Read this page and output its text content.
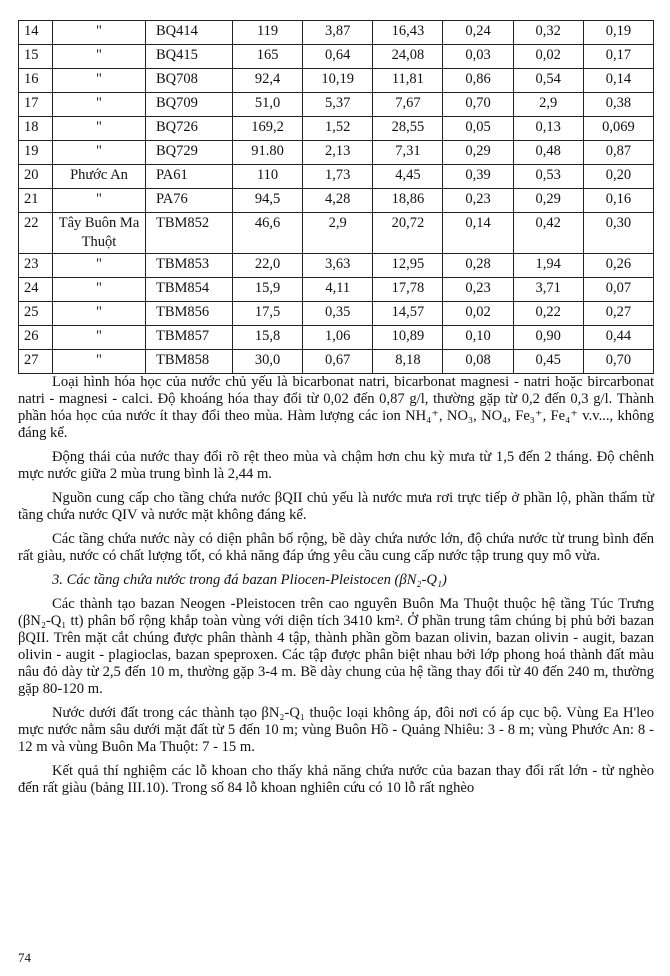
14	"	BQ414	119	3,87	16,43	0,24	0,32	0,19
15	"	BQ415	165	0,64	24,08	0,03	0,02	0,17
16	"	BQ708	92,4	10,19	11,81	0,86	0,54	0,14
17	"	BQ709	51,0	5,37	7,67	0,70	2,9	0,38
18	"	BQ726	169,2	1,52	28,55	0,05	0,13	0,069
19	"	BQ729	91.80	2,13	7,31	0,29	0,48	0,87
20	Phước An	PA61	110	1,73	4,45	0,39	0,53	0,20
21	"	PA76	94,5	4,28	18,86	0,23	0,29	0,16
22	Tây Buôn Ma Thuột	TBM852	46,6	2,9	20,72	0,14	0,42	0,30
23	"	TBM853	22,0	3,63	12,95	0,28	1,94	0,26
24	"	TBM854	15,9	4,11	17,78	0,23	3,71	0,07
25	"	TBM856	17,5	0,35	14,57	0,02	0,22	0,27
26	"	TBM857	15,8	1,06	10,89	0,10	0,90	0,44
27	"	TBM858	30,0	0,67	8,18	0,08	0,45	0,70

Loại hình hóa học của nước chủ yếu là bicarbonat natri, bicarbonat magnesi - natri hoặc bircarbonat natri - magnesi - calci. Độ khoáng hóa thay đổi từ 0,02 đến 0,87 g/l, thường gặp từ 0,2 đến 0,3 g/l. Thành phần hóa học của nước ít thay đổi theo mùa. Hàm lượng các ion NH₄⁺, NO₃, NO₄, Fe₃⁺, Fe₄⁺ v.v..., không đáng kể.

Động thái của nước thay đổi rõ rệt theo mùa và chậm hơn chu kỳ mưa từ 1,5 đến 2 tháng. Độ chênh mực nước giữa 2 mùa trung bình là 2,44 m.

Nguồn cung cấp cho tầng chứa nước βQII chủ yếu là nước mưa rơi trực tiếp ở phần lộ, phần thấm từ tầng chứa nước QIV và nước mặt không đáng kể.

Các tầng chứa nước này có diện phân bố rộng, bề dày chứa nước lớn, độ chứa nước từ trung bình đến rất giàu, nước có chất lượng tốt, có khả năng đáp ứng yêu cầu cung cấp nước tập trung quy mô vừa.

3. Các tầng chứa nước trong đá bazan Pliocen-Pleistocen (βN₂-Q₁)

Các thành tạo bazan Neogen -Pleistocen trên cao nguyên Buôn Ma Thuột thuộc hệ tầng Túc Trưng (βN₂-Q₁ tt) phân bố rộng khắp toàn vùng với diện tích 3410 km². Ở phần trung tâm chúng bị phủ bởi bazan βQII. Trên mặt cắt chúng được phân thành 4 tập, thành phần gồm bazan olivin, bazan olivin - augit, bazan olivin - augit - plagioclas, bazan speproxen. Các tập được phân biệt nhau bởi lớp phong hoá thành đất màu nâu đỏ dày từ 2,5 đến 10 m, thường gặp 3-4 m. Bề dày chung của hệ tầng thay đổi từ 40 đến 240 m, thường gặp 80-120 m.

Nước dưới đất trong các thành tạo βN₂-Q₁ thuộc loại không áp, đôi nơi có áp cục bộ. Vùng Ea H'leo mực nước nằm sâu dưới mặt đất từ 5 đến 10 m; vùng Buôn Hồ - Quảng Nhiêu: 3 - 8 m; vùng Phước An: 8 - 12 m và vùng Buôn Ma Thuột: 7 - 15 m.

Kết quả thí nghiệm các lỗ khoan cho thấy khả năng chứa nước của bazan thay đổi rất lớn - từ nghèo đến rất giàu (bảng III.10). Trong số 84 lỗ khoan nghiên cứu có 10 lỗ rất nghèo

74
